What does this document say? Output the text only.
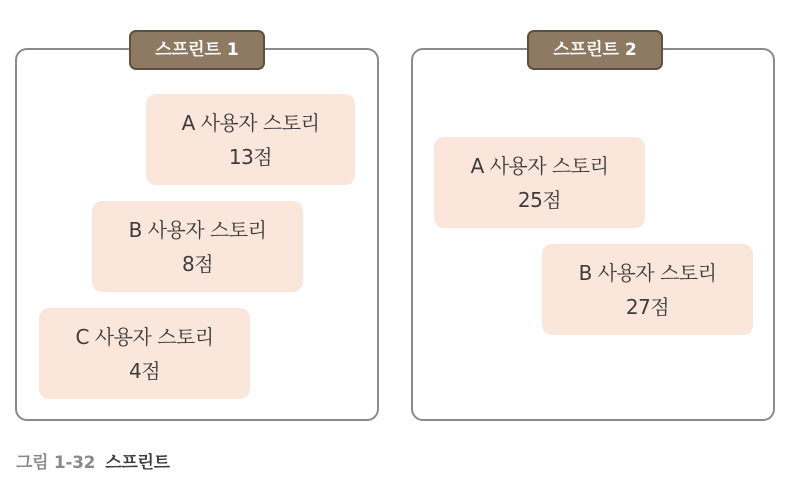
스프린트 1
A 사용자 스토리
13점
B 사용자 스토리
8점
C 사용자 스토리
4점
스프린트 2
A 사용자 스토리
25점
B 사용자 스토리
27점
그림 1-32 스프린트
